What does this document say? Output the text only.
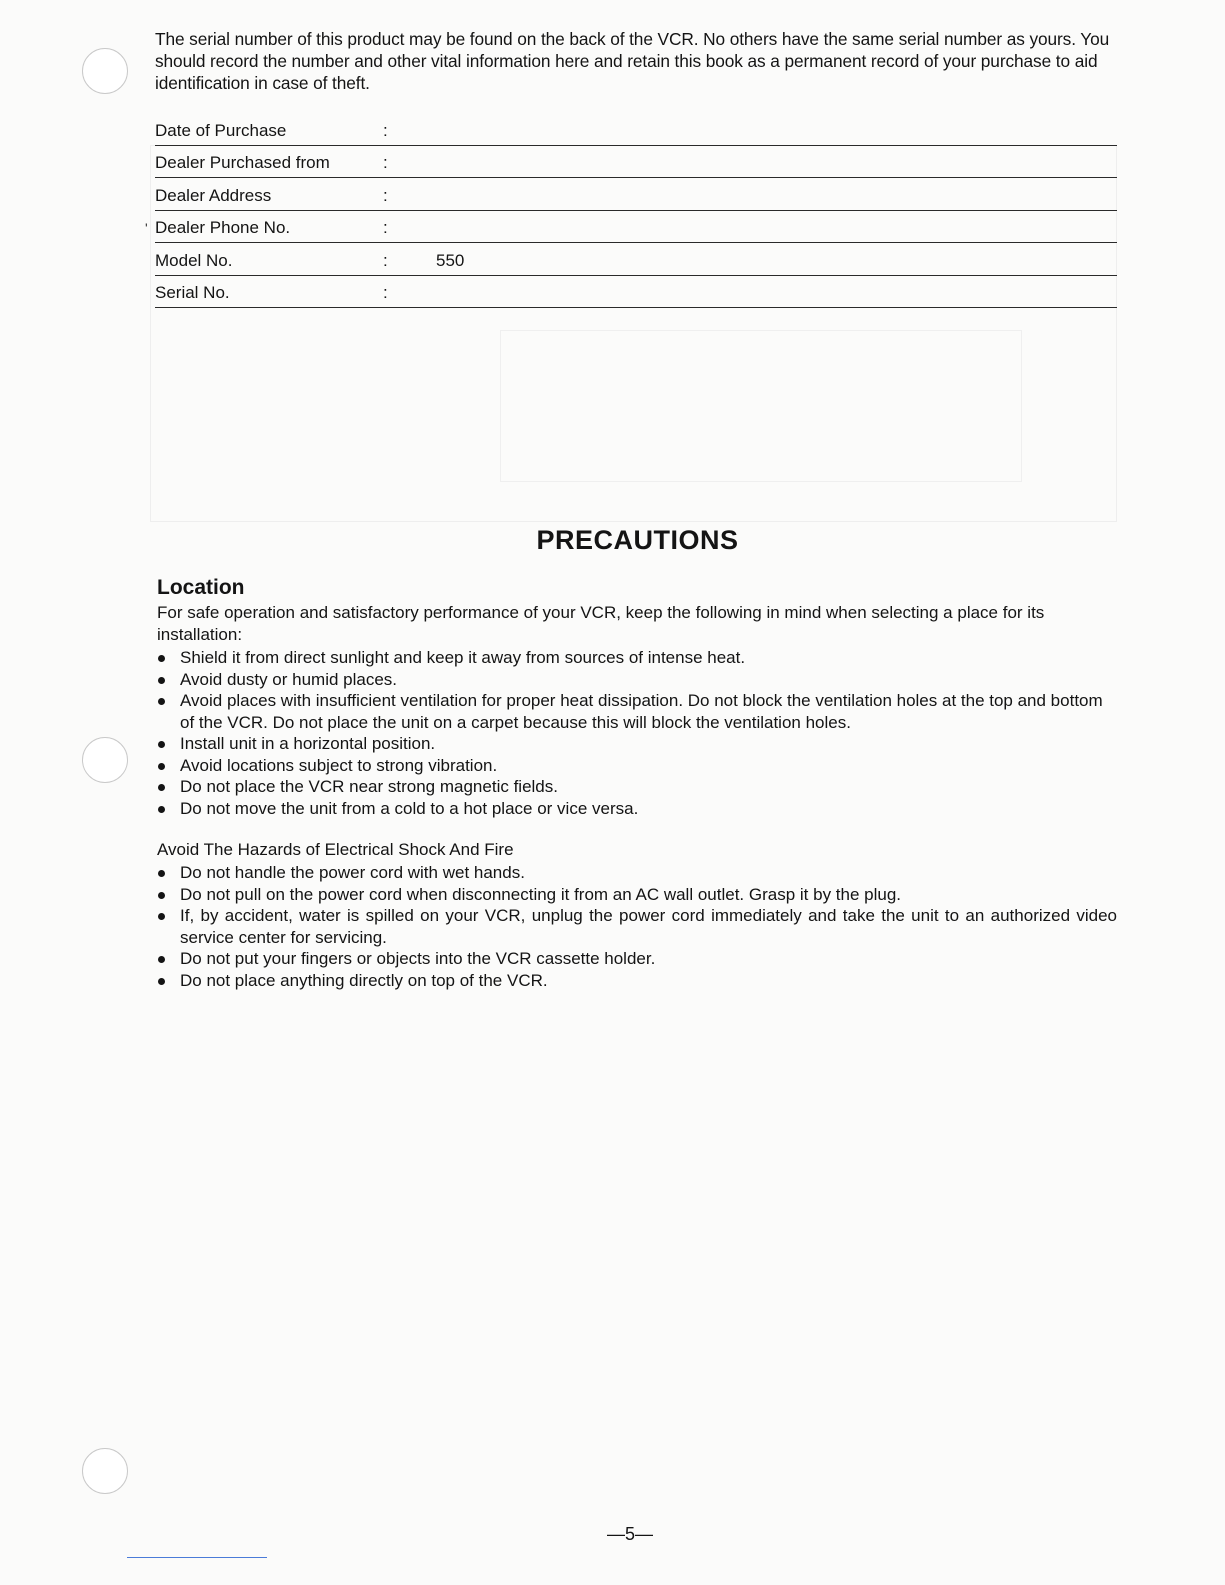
The serial number of this product may be found on the back of the VCR. No others have the same serial number as yours. You should record the number and other vital information here and retain this book as a permanent record of your purchase to aid identification in case of theft.

Date of Purchase	:
Dealer Purchased from	:
Dealer Address	:
' Dealer Phone No.	:
Model No.	:	550
Serial No.	:
PRECAUTIONS
Location

For safe operation and satisfactory performance of your VCR, keep the following in mind when selecting a place for its installation:

Shield it from direct sunlight and keep it away from sources of intense heat.
Avoid dusty or humid places.
Avoid places with insufficient ventilation for proper heat dissipation. Do not block the ventilation holes at the top and bottom of the VCR. Do not place the unit on a carpet because this will block the ventilation holes.
Install unit in a horizontal position.
Avoid locations subject to strong vibration.
Do not place the VCR near strong magnetic fields.
Do not move the unit from a cold to a hot place or vice versa.
Avoid The Hazards of Electrical Shock And Fire
Do not handle the power cord with wet hands.
Do not pull on the power cord when disconnecting it from an AC wall outlet. Grasp it by the plug.
If, by accident, water is spilled on your VCR, unplug the power cord immediately and take the unit to an authorized video service center for servicing.
Do not put your fingers or objects into the VCR cassette holder.
Do not place anything directly on top of the VCR.
—5—
